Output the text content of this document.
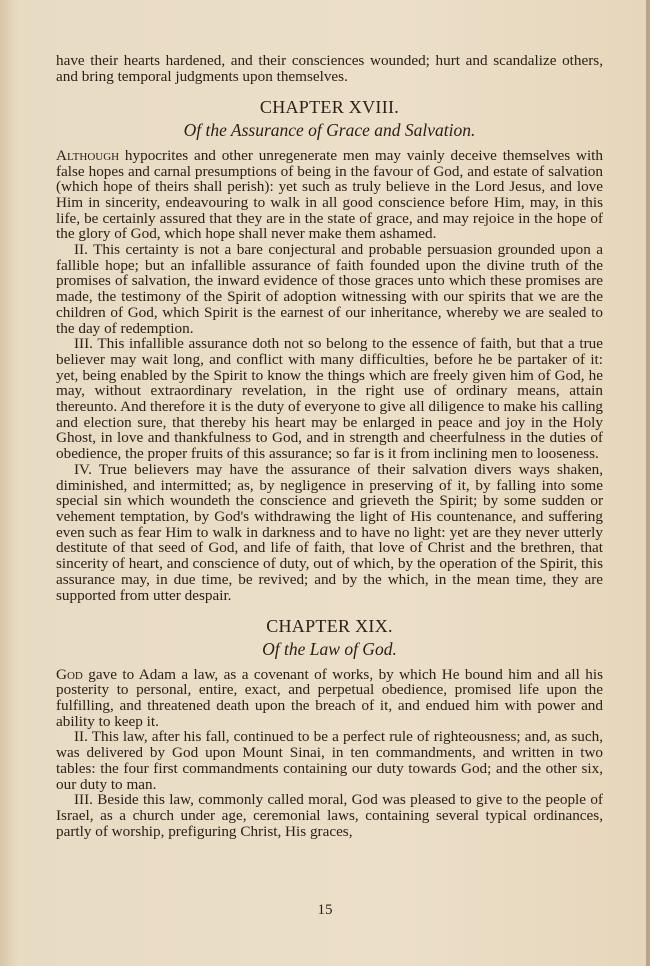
have their hearts hardened, and their consciences wounded; hurt and scandalize others, and bring temporal judgments upon themselves.

CHAPTER XVIII.
Of the Assurance of Grace and Salvation.

Although hypocrites and other unregenerate men may vainly deceive themselves with false hopes and carnal presumptions of being in the favour of God, and estate of salvation (which hope of theirs shall perish): yet such as truly believe in the Lord Jesus, and love Him in sincerity, endeavouring to walk in all good conscience before Him, may, in this life, be certainly assured that they are in the state of grace, and may rejoice in the hope of the glory of God, which hope shall never make them ashamed.

II. This certainty is not a bare conjectural and probable persuasion grounded upon a fallible hope; but an infallible assurance of faith founded upon the divine truth of the promises of salvation, the inward evidence of those graces unto which these promises are made, the testimony of the Spirit of adoption witnessing with our spirits that we are the children of God, which Spirit is the earnest of our inheritance, whereby we are sealed to the day of redemption.

III. This infallible assurance doth not so belong to the essence of faith, but that a true believer may wait long, and conflict with many difficulties, before he be partaker of it: yet, being enabled by the Spirit to know the things which are freely given him of God, he may, without extraordinary revelation, in the right use of ordinary means, attain thereunto. And therefore it is the duty of everyone to give all diligence to make his calling and election sure, that thereby his heart may be enlarged in peace and joy in the Holy Ghost, in love and thankfulness to God, and in strength and cheerfulness in the duties of obedience, the proper fruits of this assurance; so far is it from inclining men to looseness.

IV. True believers may have the assurance of their salvation divers ways shaken, diminished, and intermitted; as, by negligence in preserving of it, by falling into some special sin which woundeth the conscience and grieveth the Spirit; by some sudden or vehement temptation, by God's withdrawing the light of His countenance, and suffering even such as fear Him to walk in darkness and to have no light: yet are they never utterly destitute of that seed of God, and life of faith, that love of Christ and the brethren, that sincerity of heart, and conscience of duty, out of which, by the operation of the Spirit, this assurance may, in due time, be revived; and by the which, in the mean time, they are supported from utter despair.

CHAPTER XIX.
Of the Law of God.

God gave to Adam a law, as a covenant of works, by which He bound him and all his posterity to personal, entire, exact, and perpetual obedience, promised life upon the fulfilling, and threatened death upon the breach of it, and endued him with power and ability to keep it.

II. This law, after his fall, continued to be a perfect rule of righteousness; and, as such, was delivered by God upon Mount Sinai, in ten commandments, and written in two tables: the four first commandments containing our duty towards God; and the other six, our duty to man.

III. Beside this law, commonly called moral, God was pleased to give to the people of Israel, as a church under age, ceremonial laws, containing several typical ordinances, partly of worship, prefiguring Christ, His graces,

15
